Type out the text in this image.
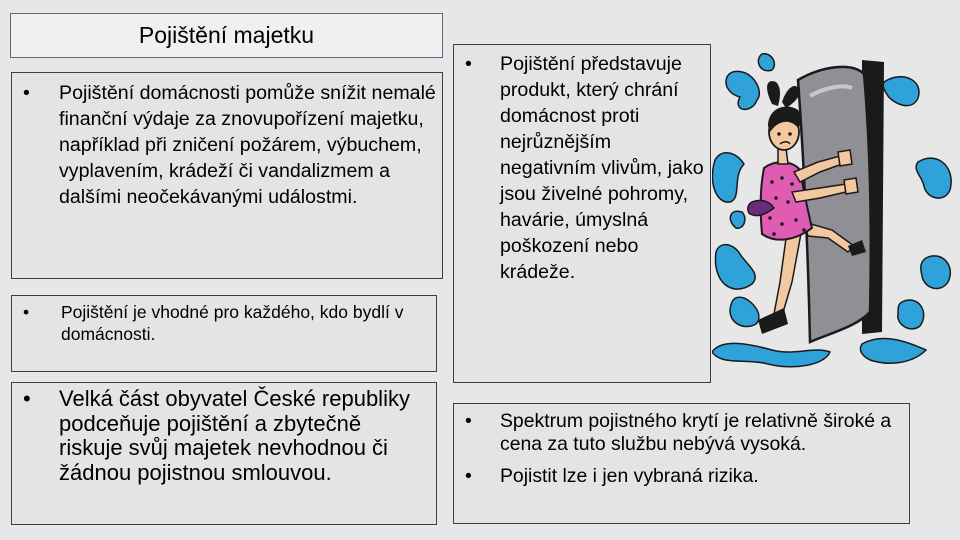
Pojištění majetku
• Pojištění domácnosti pomůže snížit nemalé finanční výdaje za znovupořízení majetku, například při zničení požárem, výbuchem, vyplavením, krádeží či vandalizmem a dalšími neočekávanými událostmi.
• Pojištění je vhodné pro každého, kdo bydlí v domácnosti.
• Velká část obyvatel České republiky podceňuje pojištění a zbytečně riskuje svůj majetek nevhodnou či žádnou pojistnou smlouvou.
• Pojištění představuje produkt, který chrání domácnost proti nejrůznějším negativním vlivům, jako jsou živelné pohromy, havárie, úmyslná poškození nebo krádeže.
• Spektrum pojistného krytí je relativně široké a cena za tuto službu nebývá vysoká.
• Pojistit lze i jen vybraná rizika.
